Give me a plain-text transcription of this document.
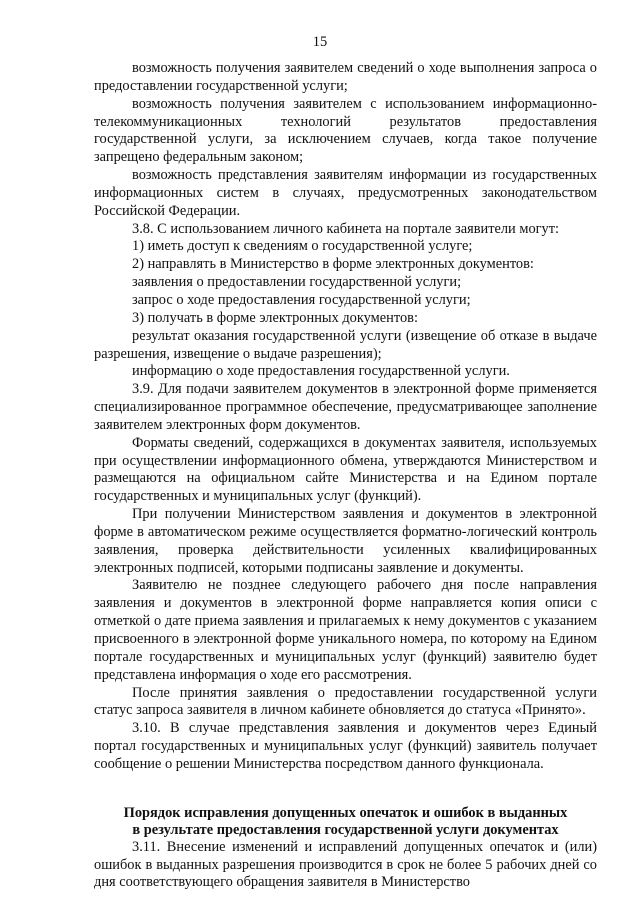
15

возможность получения заявителем сведений о ходе выполнения запроса о предоставлении государственной услуги;

возможность получения заявителем с использованием информационно-телекоммуникационных технологий результатов предоставления государственной услуги, за исключением случаев, когда такое получение запрещено федеральным законом;

возможность представления заявителям информации из государственных информационных систем в случаях, предусмотренных законодательством Российской Федерации.

3.8. С использованием личного кабинета на портале заявители могут:

1) иметь доступ к сведениям о государственной услуге;

2) направлять в Министерство в форме электронных документов:

заявления о предоставлении государственной услуги;

запрос о ходе предоставления государственной услуги;

3) получать в форме электронных документов:

результат оказания государственной услуги (извещение об отказе в выдаче разрешения, извещение о выдаче разрешения);

информацию о ходе предоставления государственной услуги.

3.9. Для подачи заявителем документов в электронной форме применяется специализированное программное обеспечение, предусматривающее заполнение заявителем электронных форм документов.

Форматы сведений, содержащихся в документах заявителя, используемых при осуществлении информационного обмена, утверждаются Министерством и размещаются на официальном сайте Министерства и на Едином портале государственных и муниципальных услуг (функций).

При получении Министерством заявления и документов в электронной форме в автоматическом режиме осуществляется форматно-логический контроль заявления, проверка действительности усиленных квалифицированных электронных подписей, которыми подписаны заявление и документы.

Заявителю не позднее следующего рабочего дня после направления заявления и документов в электронной форме направляется копия описи с отметкой о дате приема заявления и прилагаемых к нему документов с указанием присвоенного в электронной форме уникального номера, по которому на Едином портале государственных и муниципальных услуг (функций) заявителю будет представлена информация о ходе его рассмотрения.

После принятия заявления о предоставлении государственной услуги статус запроса заявителя в личном кабинете обновляется до статуса «Принято».

3.10. В случае представления заявления и документов через Единый портал государственных и муниципальных услуг (функций) заявитель получает сообщение о решении Министерства посредством данного функционала.

Порядок исправления допущенных опечаток и ошибок в выданных
в результате предоставления государственной услуги документах

3.11. Внесение изменений и исправлений допущенных опечаток и (или) ошибок в выданных разрешения производится в срок не более 5 рабочих дней со дня соответствующего обращения заявителя в Министерство
